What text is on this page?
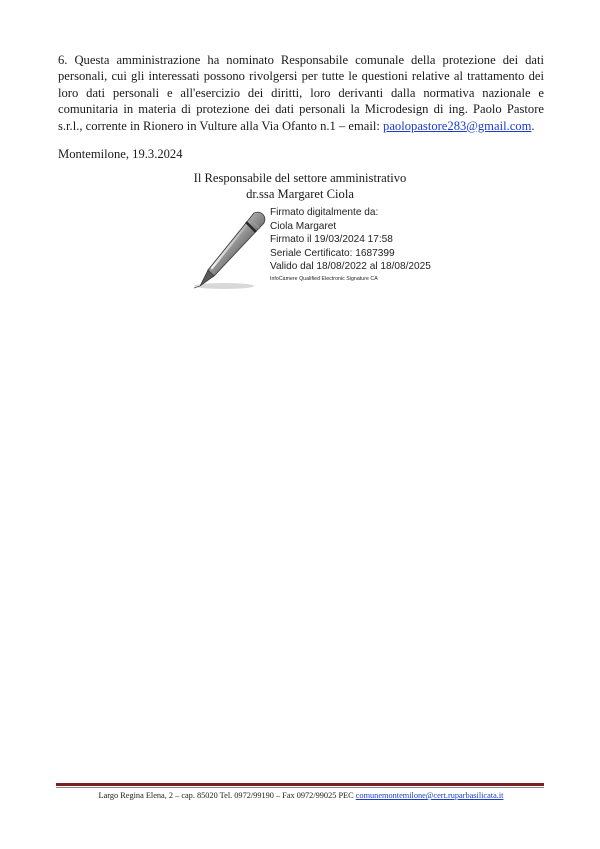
6. Questa amministrazione ha nominato Responsabile comunale della protezione dei dati personali, cui gli interessati possono rivolgersi per tutte le questioni relative al trattamento dei loro dati personali e all'esercizio dei diritti, loro derivanti dalla normativa nazionale e comunitaria in materia di protezione dei dati personali la Microdesign di ing. Paolo Pastore s.r.l., corrente in Rionero in Vulture alla Via Ofanto n.1 – email: paolopastore283@gmail.com.

Montemilone, 19.3.2024
Il Responsabile del settore amministrativo
dr.ssa Margaret Ciola
Firmato digitalmente da:
Ciola Margaret
Firmato il 19/03/2024 17:58
Seriale Certificato: 1687399
Valido dal 18/08/2022 al 18/08/2025
InfoCamere Qualified Electronic Signature CA
Largo Regina Elena, 2 – cap. 85020 Tel. 0972/99190 – Fax 0972/99025 PEC comunemontemilone@cert.ruparbasilicata.it
